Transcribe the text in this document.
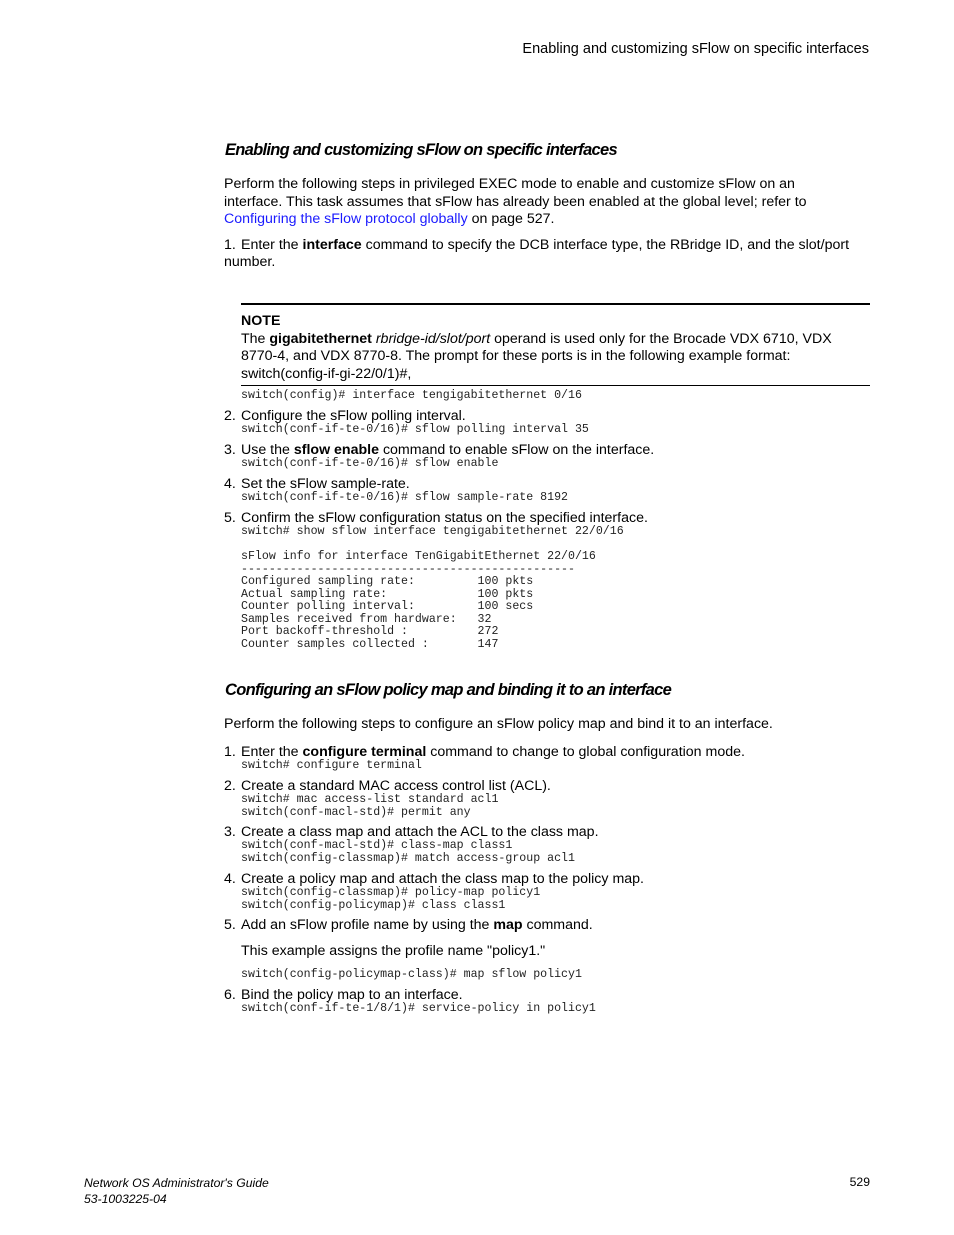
Enabling and customizing sFlow on specific interfaces
Enabling and customizing sFlow on specific interfaces
Perform the following steps in privileged EXEC mode to enable and customize sFlow on an interface. This task assumes that sFlow has already been enabled at the global level; refer to Configuring the sFlow protocol globally on page 527.
1. Enter the interface command to specify the DCB interface type, the RBridge ID, and the slot/port number.
NOTE
The gigabitethernet rbridge-id/slot/port operand is used only for the Brocade VDX 6710, VDX 8770-4, and VDX 8770-8. The prompt for these ports is in the following example format: switch(config-if-gi-22/0/1)#,
switch(config)# interface tengigabitethernet 0/16
2. Configure the sFlow polling interval.
switch(conf-if-te-0/16)# sflow polling interval 35
3. Use the sflow enable command to enable sFlow on the interface.
switch(conf-if-te-0/16)# sflow enable
4. Set the sFlow sample-rate.
switch(conf-if-te-0/16)# sflow sample-rate 8192
5. Confirm the sFlow configuration status on the specified interface.
switch# show sflow interface tengigabitethernet 22/0/16

sFlow info for interface TenGigabitEthernet 22/0/16
------------------------------------------------
Configured sampling rate:         100 pkts
Actual sampling rate:             100 pkts
Counter polling interval:         100 secs
Samples received from hardware:   32
Port backoff-threshold :          272
Counter samples collected :       147
Configuring an sFlow policy map and binding it to an interface
Perform the following steps to configure an sFlow policy map and bind it to an interface.
1. Enter the configure terminal command to change to global configuration mode.
switch# configure terminal
2. Create a standard MAC access control list (ACL).
switch# mac access-list standard acl1
switch(conf-macl-std)# permit any
3. Create a class map and attach the ACL to the class map.
switch(conf-macl-std)# class-map class1
switch(config-classmap)# match access-group acl1
4. Create a policy map and attach the class map to the policy map.
switch(config-classmap)# policy-map policy1
switch(config-policymap)# class class1
5. Add an sFlow profile name by using the map command.
This example assigns the profile name "policy1."
switch(config-policymap-class)# map sflow policy1
6. Bind the policy map to an interface.
switch(conf-if-te-1/8/1)# service-policy in policy1
Network OS Administrator's Guide
53-1003225-04
529
